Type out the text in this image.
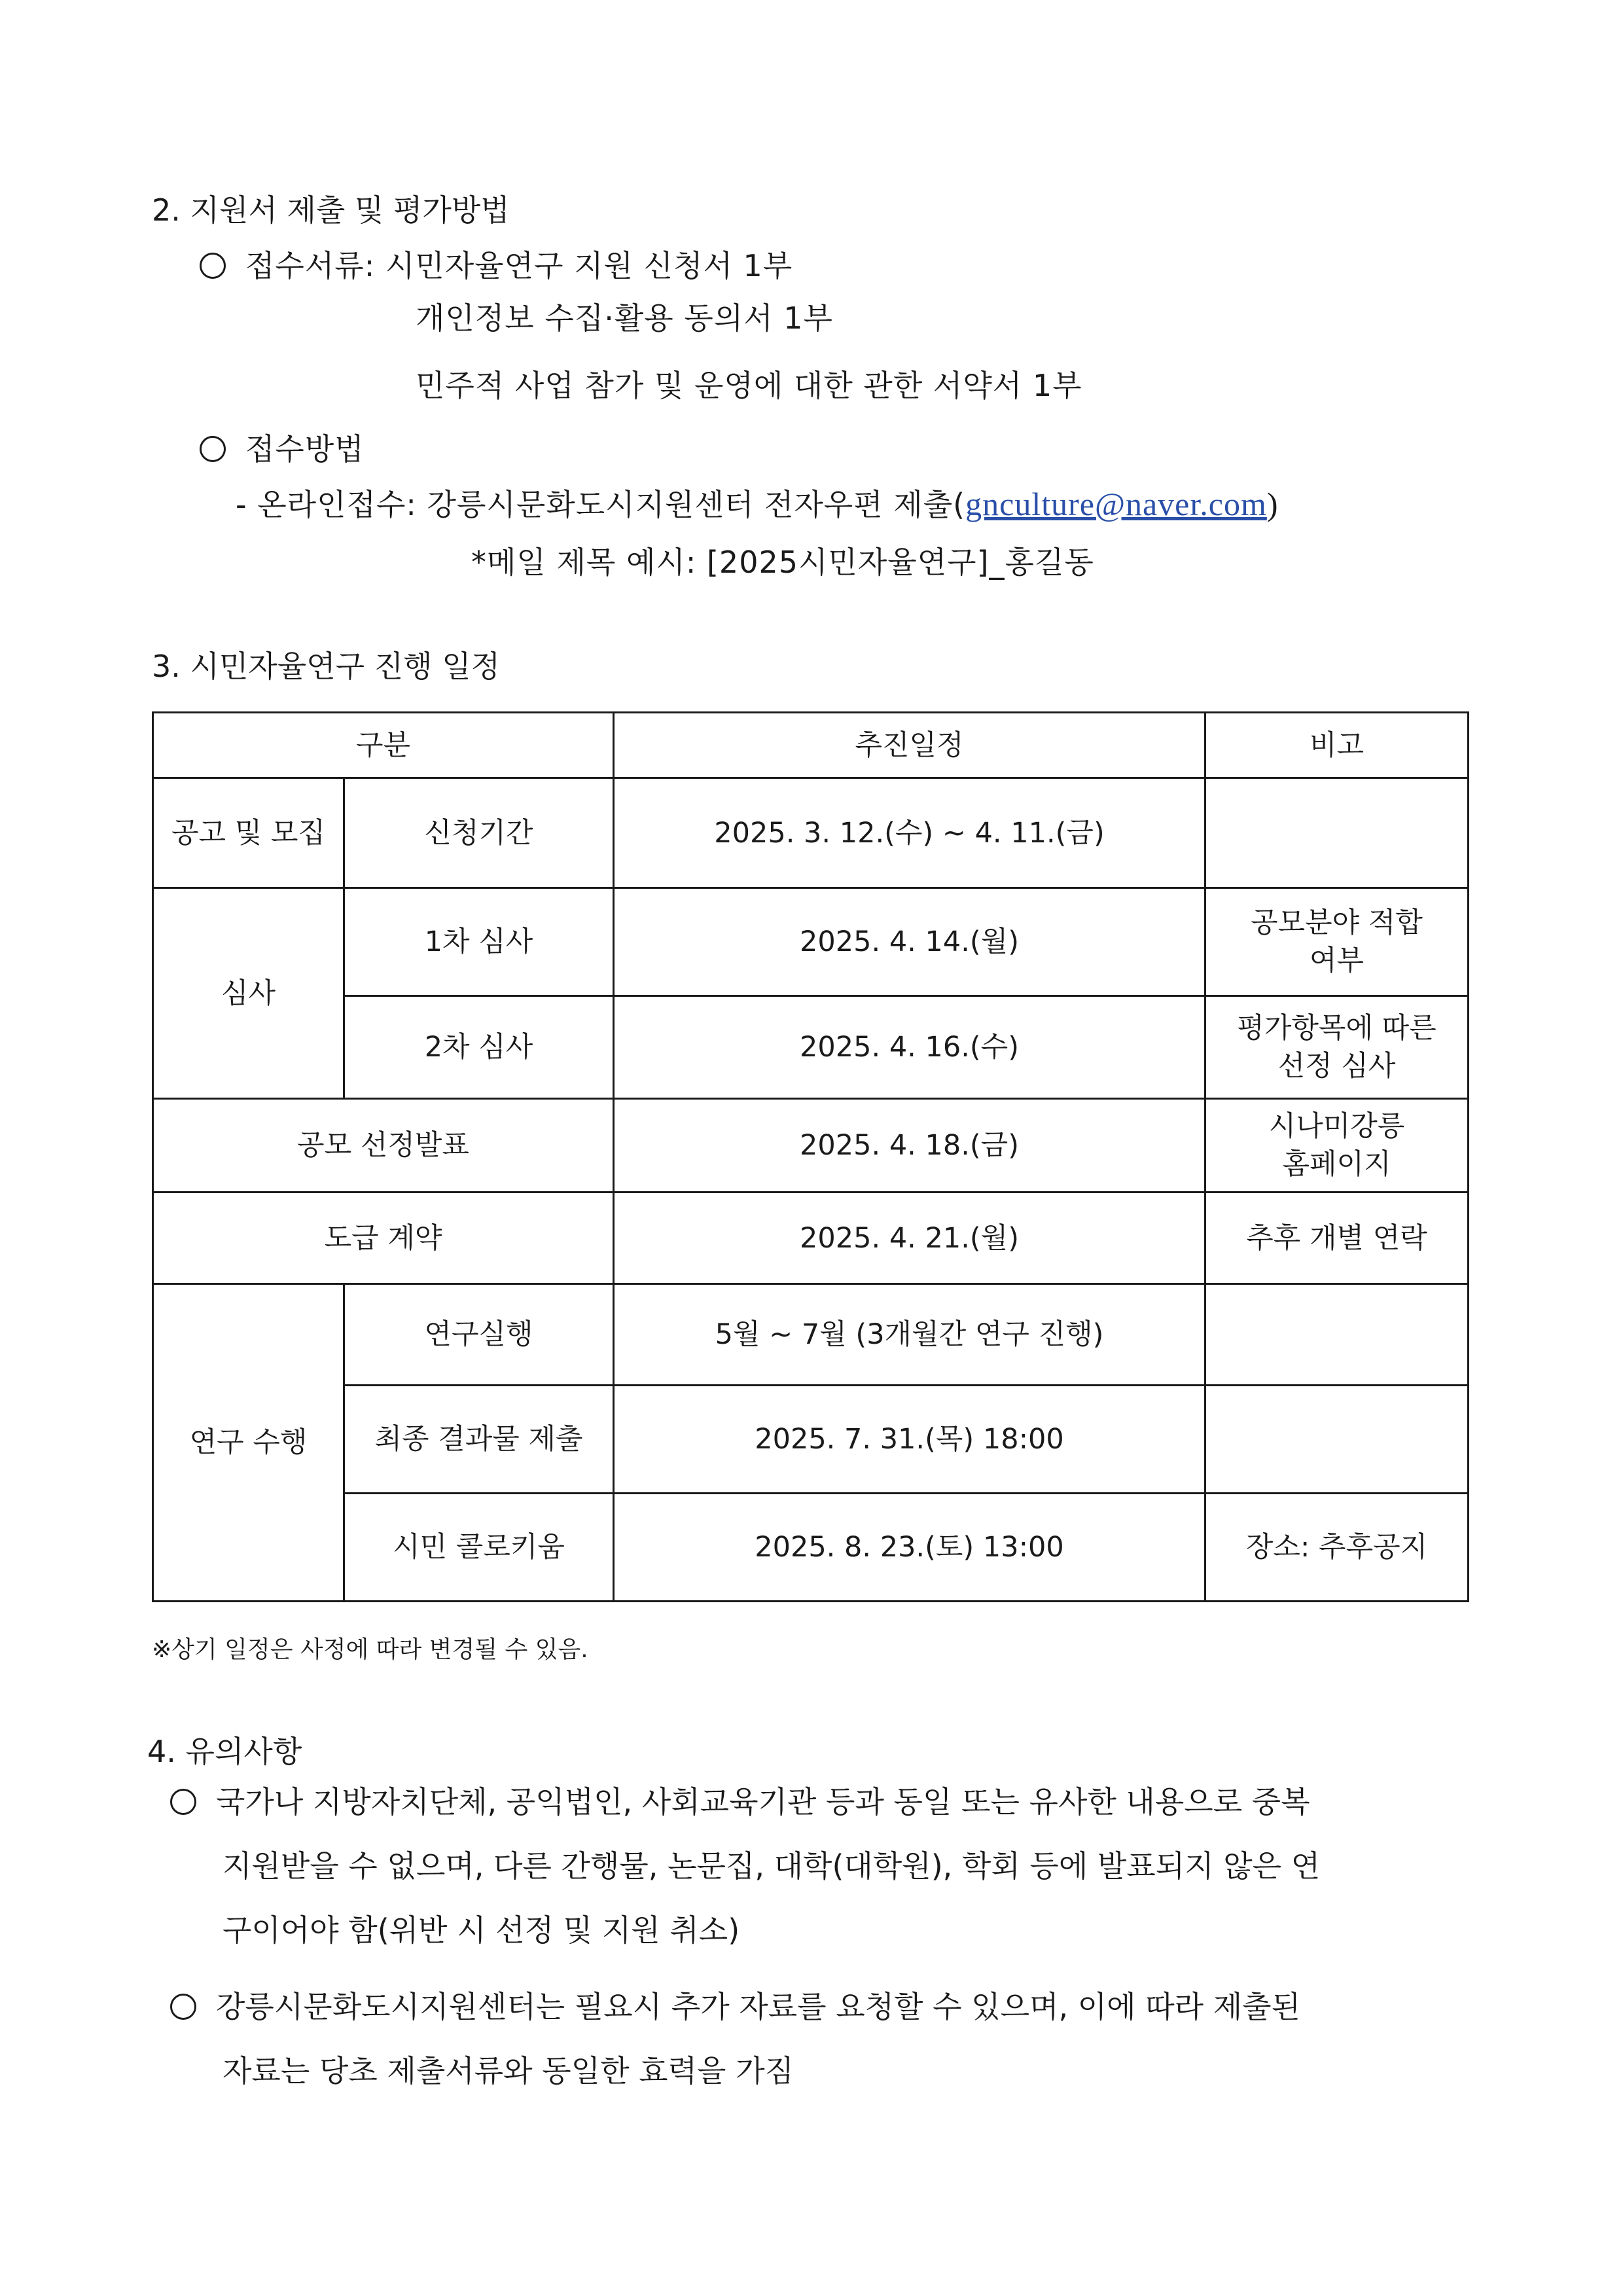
2. 지원서 제출 및 평가방법
접수서류: 시민자율연구 지원 신청서 1부
개인정보 수집·활용 동의서 1부
민주적 사업 참가 및 운영에 대한 관한 서약서 1부
접수방법
- 온라인접수: 강릉시문화도시지원센터 전자우편 제출(gnculture@naver.com)
*메일 제목 예시: [2025시민자율연구]_홍길동
3. 시민자율연구 진행 일정
구분		추진일정	비고
공고 및 모집	신청기간	2025. 3. 12.(수) ~ 4. 11.(금)	
심사	1차 심사	2025. 4. 14.(월)	공모분야 적합
여부
	2차 심사	2025. 4. 16.(수)	평가항목에 따른
선정 심사
공모 선정발표		2025. 4. 18.(금)	시나미강릉
홈페이지
도급 계약		2025. 4. 21.(월)	추후 개별 연락
연구 수행	연구실행	5월 ~ 7월 (3개월간 연구 진행)	
	최종 결과물 제출	2025. 7. 31.(목) 18:00	
	시민 콜로키움	2025. 8. 23.(토) 13:00	장소: 추후공지
※상기 일정은 사정에 따라 변경될 수 있음.
4. 유의사항
국가나 지방자치단체, 공익법인, 사회교육기관 등과 동일 또는 유사한 내용으로 중복
지원받을 수 없으며, 다른 간행물, 논문집, 대학(대학원), 학회 등에 발표되지 않은 연
구이어야 함(위반 시 선정 및 지원 취소)
강릉시문화도시지원센터는 필요시 추가 자료를 요청할 수 있으며, 이에 따라 제출된
자료는 당초 제출서류와 동일한 효력을 가짐
